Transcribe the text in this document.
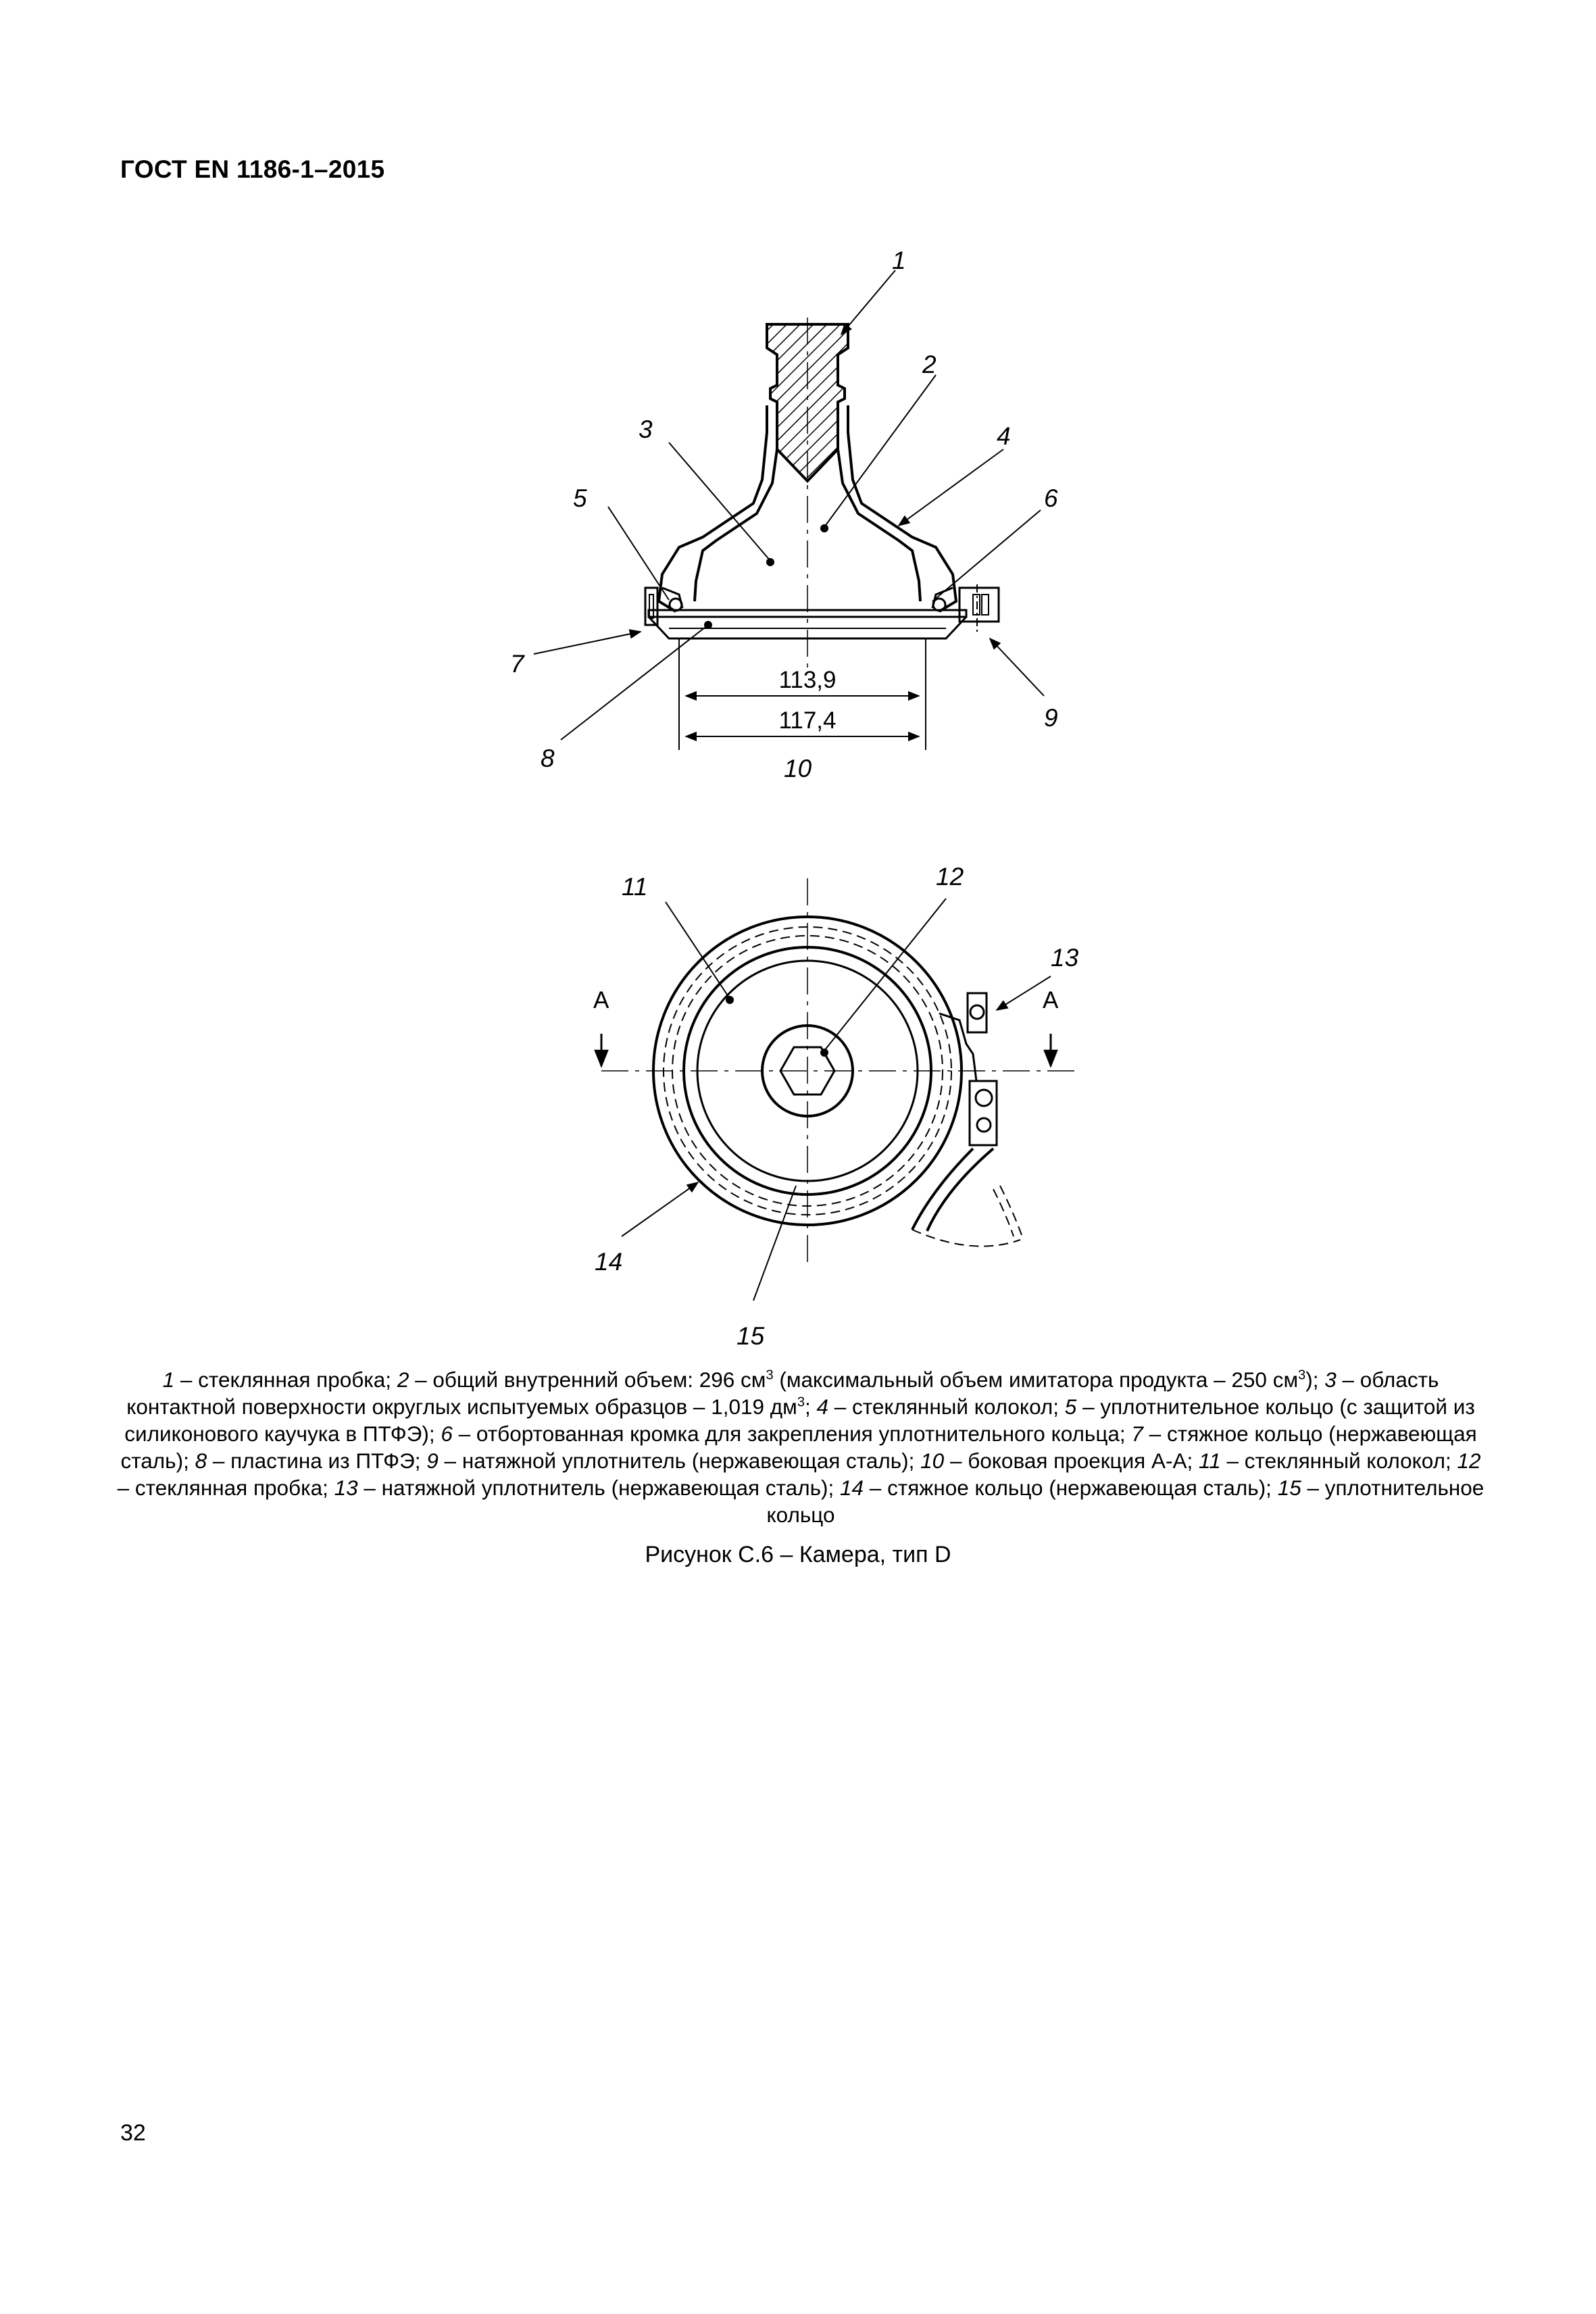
ГОСТ EN 1186-1–2015
113,9
117,4
1
2
3	4
5	6
7
8
9
10
A	A
11	12
13
14
15
1 – стеклянная пробка; 2 – общий внутренний объем: 296 $см^3$ (максимальный объем имитатора продукта – 250 $см^3$); 3 – область контактной поверхности округлых испытуемых образцов – 1,019 $дм^3$; 4 – стеклянный колокол; 5 – уплотнительное кольцо (с защитой из силиконового каучука в ПТФЭ); 6 – отбортованная кромка для закрепления уплотнительного кольца; 7 – стяжное кольцо (нержавеющая сталь); 8 – пластина из ПТФЭ; 9 – натяжной уплотнитель (нержавеющая сталь); 10 – боковая проекция А-А; 11 – стеклянный колокол; 12 – стеклянная пробка; 13 – натяжной уплотнитель (нержавеющая сталь); 14 – стяжное кольцо (нержавеющая сталь); 15 – уплотнительное кольцо
Рисунок С.6 – Камера, тип D
32
